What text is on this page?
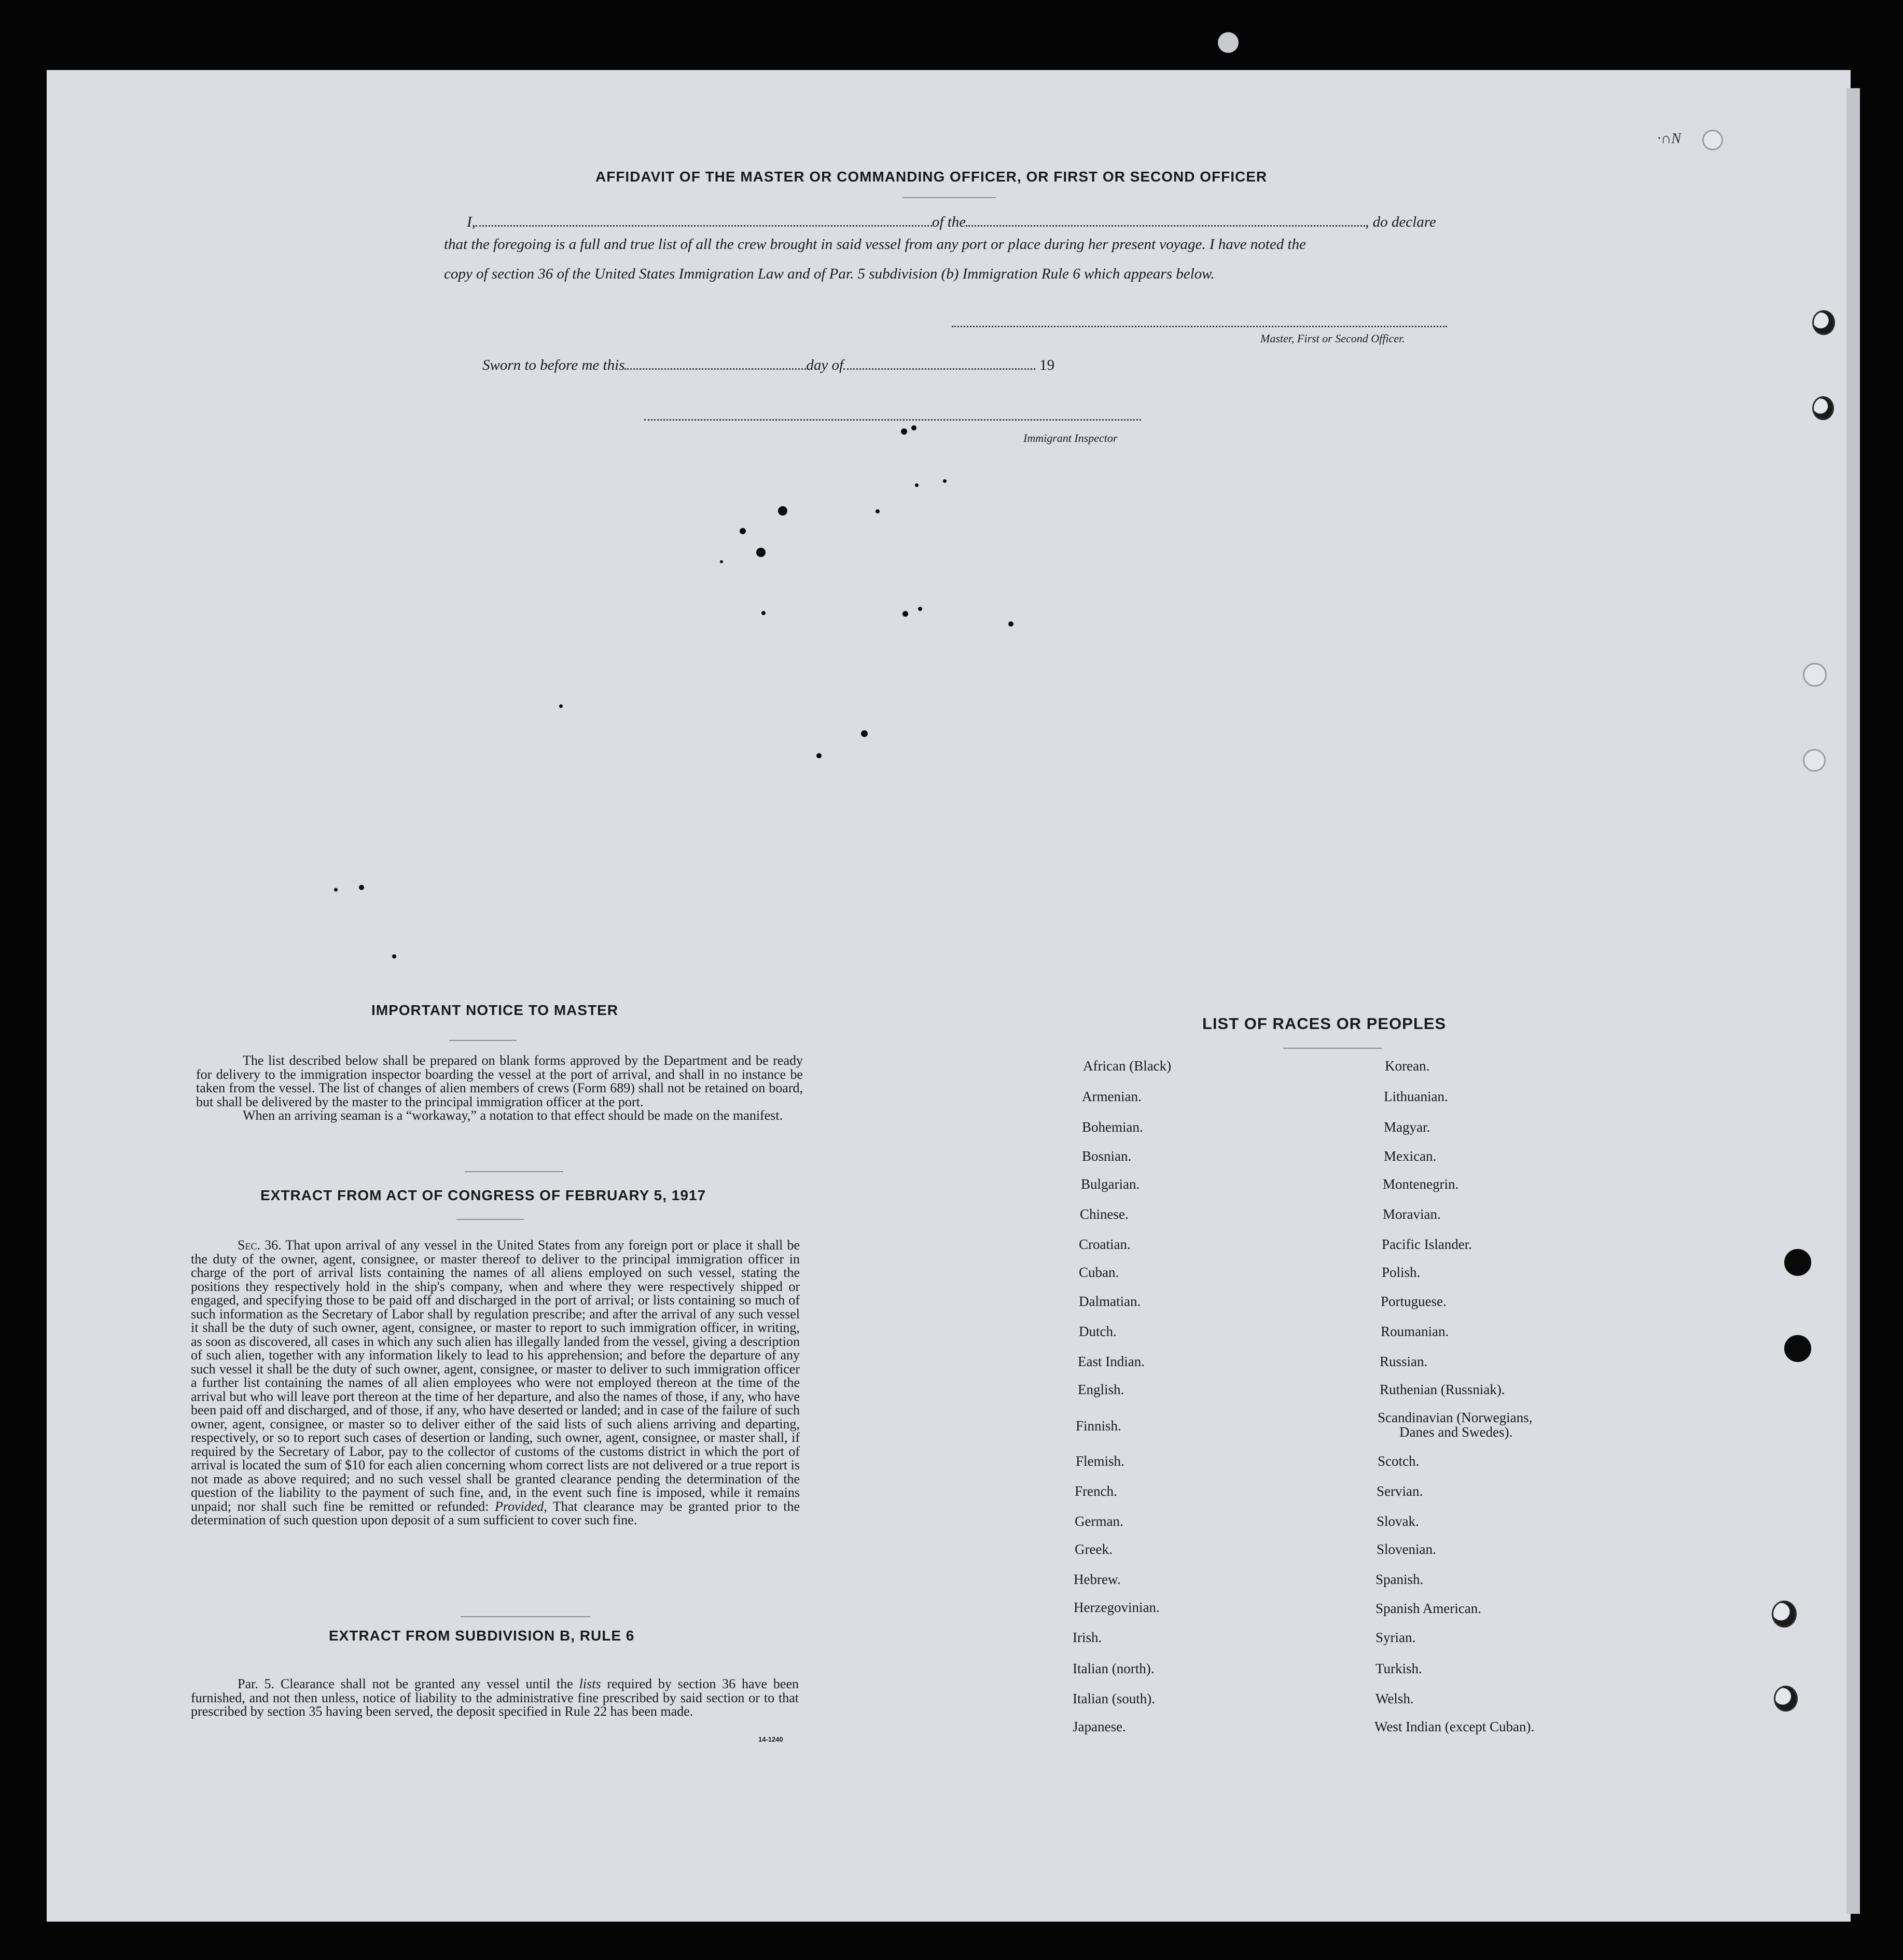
·∩N
AFFIDAVIT OF THE MASTER OR COMMANDING OFFICER, OR FIRST OR SECOND OFFICER
I,	of the	, do declare
that the foregoing is a full and true list of all the crew brought in said vessel from any port or place during her present voyage. I have noted the
copy of section 36 of the United States Immigration Law and of Par. 5 subdivision (b) Immigration Rule 6 which appears below.
Master, First or Second Officer.
Sworn to before me this	day of	19
Immigrant Inspector
IMPORTANT NOTICE TO MASTER

The list described below shall be prepared on blank forms approved by the Department and be ready for delivery to the immigration inspector boarding the vessel at the port of arrival, and shall in no instance be taken from the vessel. The list of changes of alien members of crews (Form 689) shall not be retained on board, but shall be delivered by the master to the principal immigration officer at the port.

When an arriving seaman is a “workaway,” a notation to that effect should be made on the manifest.

EXTRACT FROM ACT OF CONGRESS OF FEBRUARY 5, 1917

Sec. 36. That upon arrival of any vessel in the United States from any foreign port or place it shall be the duty of the owner, agent, consignee, or master thereof to deliver to the principal immigration officer in charge of the port of arrival lists containing the names of all aliens employed on such vessel, stating the positions they respectively hold in the ship's company, when and where they were respectively shipped or engaged, and specifying those to be paid off and discharged in the port of arrival; or lists containing so much of such information as the Secretary of Labor shall by regulation prescribe; and after the arrival of any such vessel it shall be the duty of such owner, agent, consignee, or master to report to such immigration officer, in writing, as soon as discovered, all cases in which any such alien has illegally landed from the vessel, giving a description of such alien, together with any information likely to lead to his apprehension; and before the departure of any such vessel it shall be the duty of such owner, agent, consignee, or master to deliver to such immigration officer a further list containing the names of all alien employees who were not employed thereon at the time of the arrival but who will leave port thereon at the time of her departure, and also the names of those, if any, who have been paid off and discharged, and of those, if any, who have deserted or landed; and in case of the failure of such owner, agent, consignee, or master so to deliver either of the said lists of such aliens arriving and departing, respectively, or so to report such cases of desertion or landing, such owner, agent, consignee, or master shall, if required by the Secretary of Labor, pay to the collector of customs of the customs district in which the port of arrival is located the sum of $10 for each alien concerning whom correct lists are not delivered or a true report is not made as above required; and no such vessel shall be granted clearance pending the determination of the question of the liability to the payment of such fine, and, in the event such fine is imposed, while it remains unpaid; nor shall such fine be remitted or refunded: Provided, That clearance may be granted prior to the determination of such question upon deposit of a sum sufficient to cover such fine.

EXTRACT FROM SUBDIVISION B, RULE 6

Par. 5. Clearance shall not be granted any vessel until the lists required by section 36 have been furnished, and not then unless, notice of liability to the administrative fine prescribed by said section or to that prescribed by section 35 having been served, the deposit specified in Rule 22 has been made.

14-1240
LIST OF RACES OR PEOPLES
African (Black)
Armenian.
Bohemian.
Bosnian.
Bulgarian.
Chinese.
Croatian.
Cuban.
Dalmatian.
Dutch.
East Indian.
English.
Finnish.
Flemish.
French.
German.
Greek.
Hebrew.
Herzegovinian.
Irish.
Italian (north).
Italian (south).
Japanese.
Korean.
Lithuanian.
Magyar.
Mexican.
Montenegrin.
Moravian.
Pacific Islander.
Polish.
Portuguese.
Roumanian.
Russian.
Ruthenian (Russniak).
Scandinavian (Norwegians,
Danes and Swedes).
Scotch.
Servian.
Slovak.
Slovenian.
Spanish.
Spanish American.
Syrian.
Turkish.
Welsh.
West Indian (except Cuban).
